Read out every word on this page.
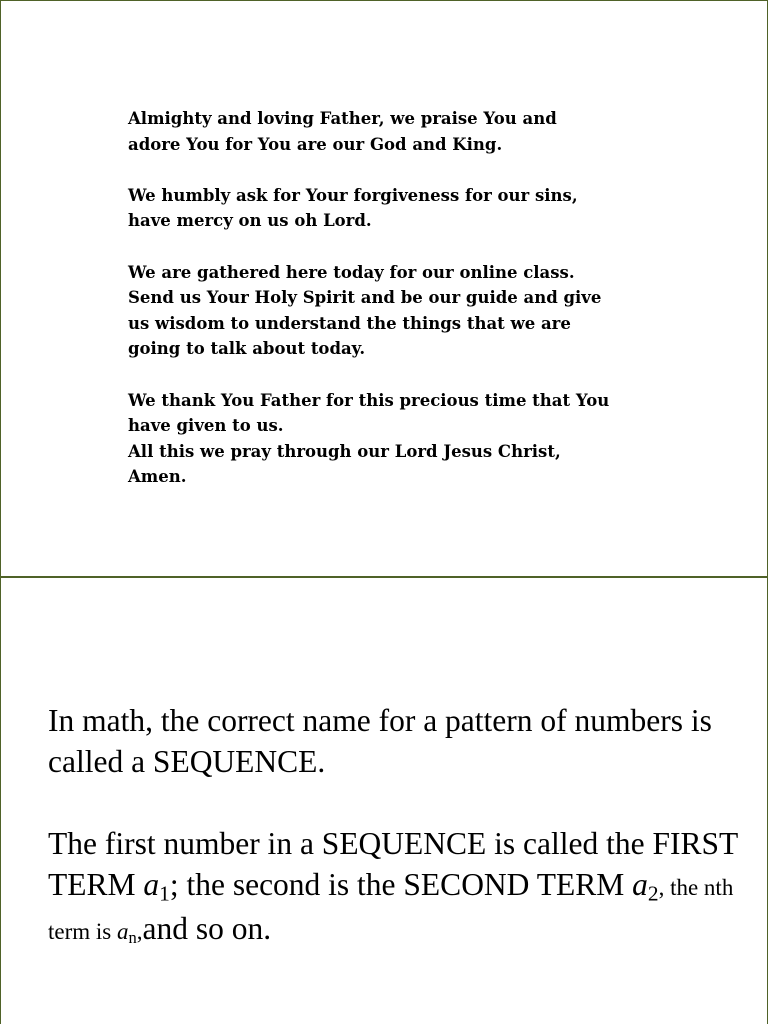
Almighty and loving Father, we praise You and
adore You for You are our God and King.

We humbly ask for Your forgiveness for our sins,
have mercy on us oh Lord.

We are gathered here today for our online class.
Send us Your Holy Spirit and be our guide and give
us wisdom to understand the things that we are
going to talk about today.

We thank You Father for this precious time that You
have given to us.
All this we pray through our Lord Jesus Christ,
Amen.

In math, the correct name for a pattern of numbers is called a SEQUENCE.

The first number in a SEQUENCE is called the FIRST TERM $a_1$; the second is the SECOND TERM $a_2$, the nth term is $a_n,and$ so on.
